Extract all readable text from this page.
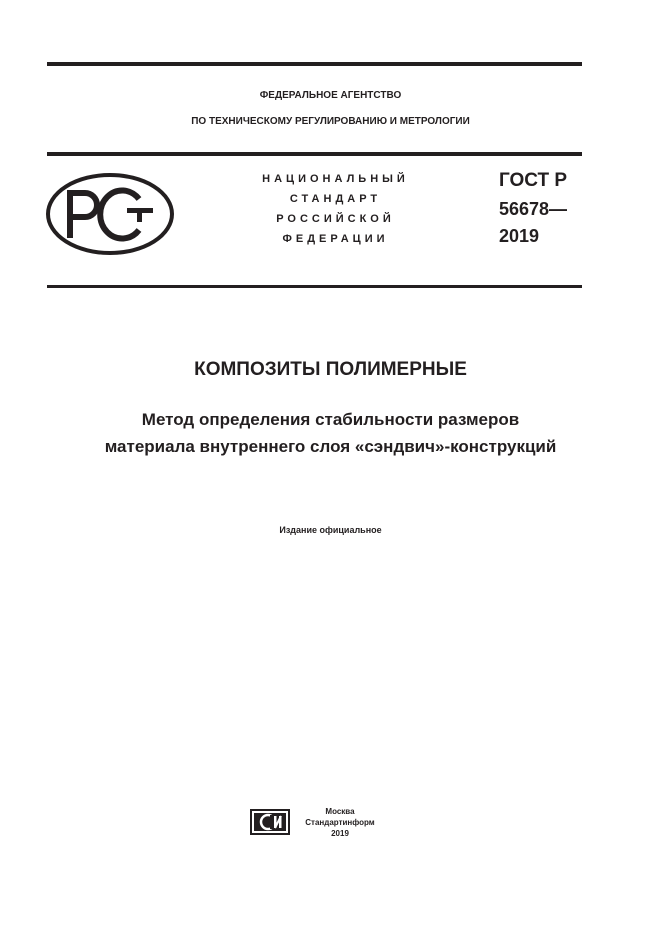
ФЕДЕРАЛЬНОЕ АГЕНТСТВО
ПО ТЕХНИЧЕСКОМУ РЕГУЛИРОВАНИЮ И МЕТРОЛОГИИ
НАЦИОНАЛЬНЫЙ
СТАНДАРТ
РОССИЙСКОЙ
ФЕДЕРАЦИИ
ГОСТ Р
56678—
2019
КОМПОЗИТЫ ПОЛИМЕРНЫЕ
Метод определения стабильности размеров
материала внутреннего слоя «сэндвич»-конструкций
Издание официальное
Москва
Стандартинформ
2019
